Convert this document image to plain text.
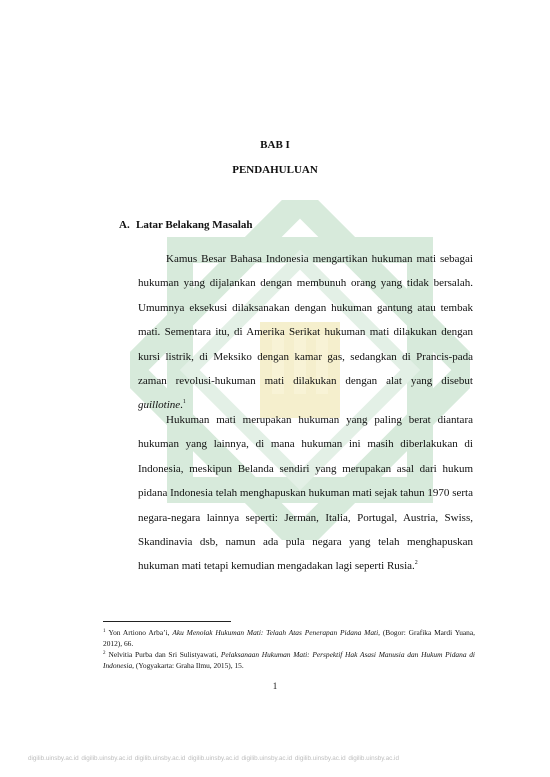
BAB I

PENDAHULUAN

A. Latar Belakang Masalah

Kamus Besar Bahasa Indonesia mengartikan hukuman mati sebagai hukuman yang dijalankan dengan membunuh orang yang tidak bersalah. Umumnya eksekusi dilaksanakan dengan hukuman gantung atau tembak mati. Sementara itu, di Amerika Serikat hukuman mati dilakukan dengan kursi listrik, di Meksiko dengan kamar gas, sedangkan di Prancis-pada zaman revolusi-hukuman mati dilakukan dengan alat yang disebut guillotine.$^1$

Hukuman mati merupakan hukuman yang paling berat diantara hukuman yang lainnya, di mana hukuman ini masih diberlakukan di Indonesia, meskipun Belanda sendiri yang merupakan asal dari hukum pidana Indonesia telah menghapuskan hukuman mati sejak tahun 1970 serta negara-negara lainnya seperti: Jerman, Italia, Portugal, Austria, Swiss, Skandinavia dsb, namun ada pula negara yang telah menghapuskan hukuman mati tetapi kemudian mengadakan lagi seperti Rusia.$^2$

$^1$ Yon Artiono Arba’i, Aku Menolak Hukuman Mati: Telaah Atas Penerapan Pidana Mati, (Bogor: Grafika Mardi Yuana, 2012), 66.

$^2$ Nelvitia Purba dan Sri Sulistyawati, Pelaksanaan Hukuman Mati: Perspektif Hak Asasi Manusia dan Hukum Pidana di Indonesia, (Yogyakarta: Graha Ilmu, 2015), 15.

1

digilib.uinsby.ac.id digilib.uinsby.ac.id digilib.uinsby.ac.id digilib.uinsby.ac.id digilib.uinsby.ac.id digilib.uinsby.ac.id digilib.uinsby.ac.id
